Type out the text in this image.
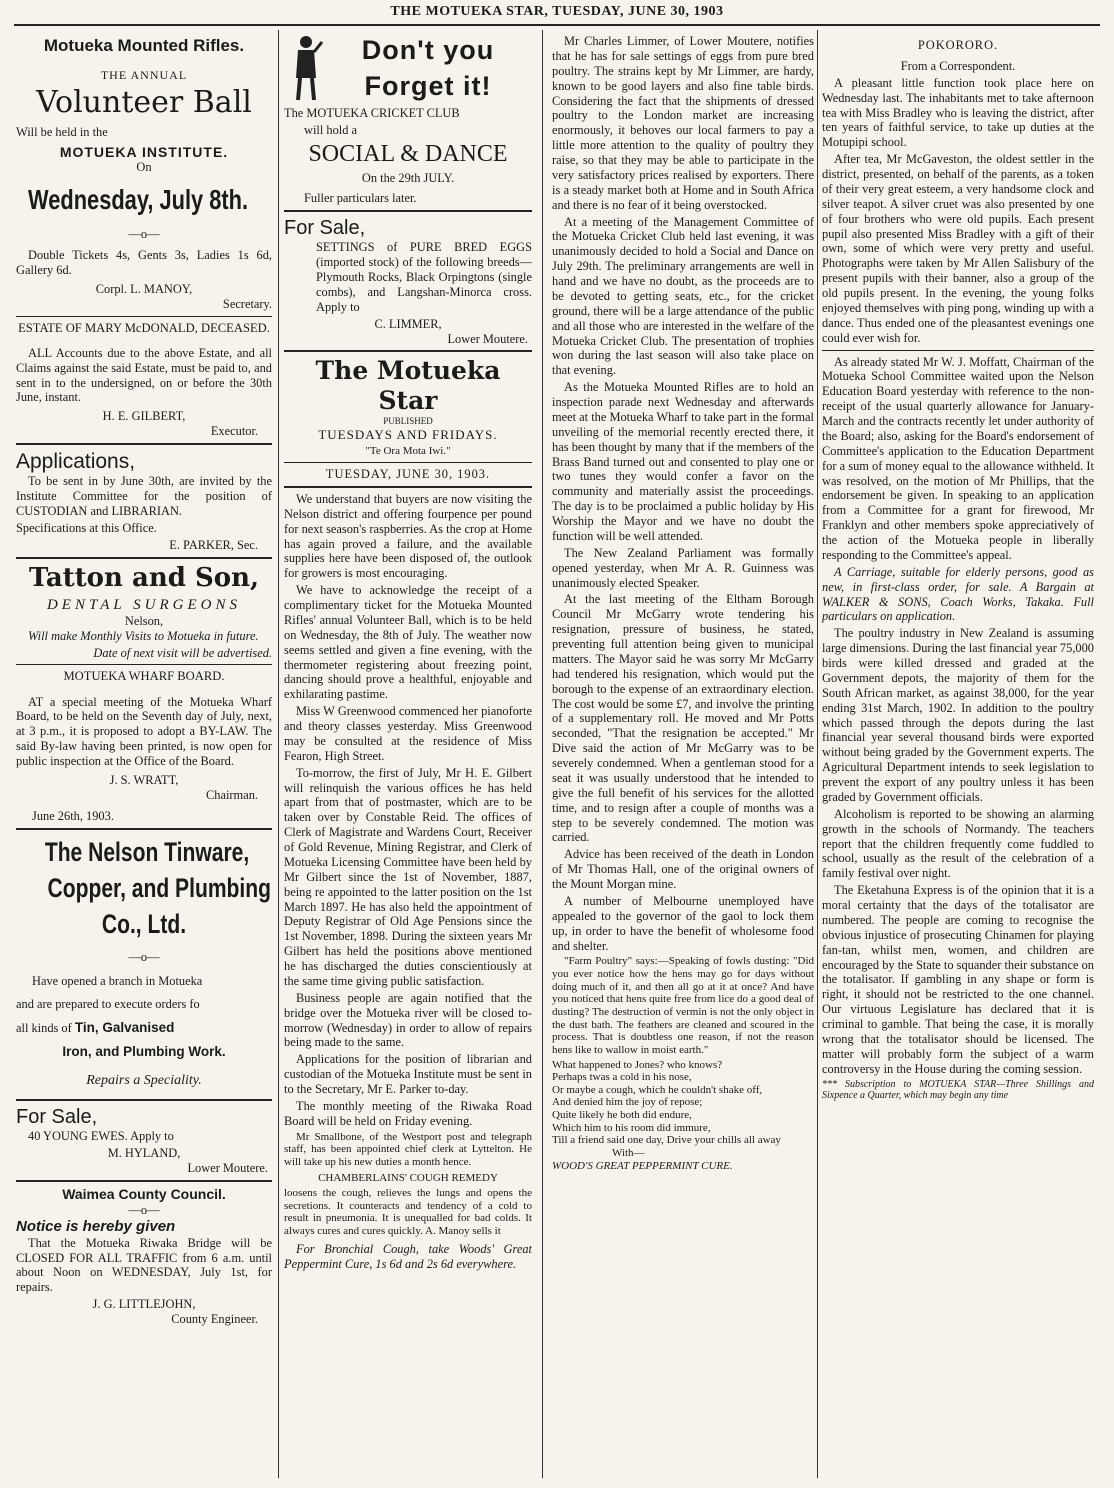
THE MOTUEKA STAR, TUESDAY, JUNE 30, 1903
Motueka Mounted Rifles.
THE ANNUAL
Volunteer Ball

Will be held in the

MOTUEKA INSTITUTE.
On
Wednesday, July 8th.
—o—

Double Tickets 4s, Gents 3s, Ladies 1s 6d, Gallery 6d.

Corpl. L. MANOY,
Secretary.
ESTATE OF MARY McDONALD, DECEASED.

ALL Accounts due to the above Estate, and all Claims against the said Estate, must be paid to, and sent in to the undersigned, on or before the 30th June, instant.

H. E. GILBERT,
Executor.
Applications,

To be sent in by June 30th, are invited by the Institute Committee for the position of CUSTODIAN and LIBRARIAN.

Specifications at this Office.

E. PARKER, Sec.
Tatton and Son,
DENTAL SURGEONS
Nelson,

Will make Monthly Visits to Motueka in future.

Date of next visit will be advertised.

MOTUEKA WHARF BOARD.

AT a special meeting of the Motueka Wharf Board, to be held on the Seventh day of July, next, at 3 p.m., it is proposed to adopt a BY-LAW. The said By-law having been printed, is now open for public inspection at the Office of the Board.

J. S. WRATT,
Chairman.

June 26th, 1903.

The Nelson Tinware,
Copper, and Plumbing
Co., Ltd.
—o—

Have opened a branch in Motueka

and are prepared to execute orders fo

all kinds of Tin, Galvanised

Iron, and Plumbing Work.

Repairs a Speciality.

For Sale,

40 YOUNG EWES. Apply to

M. HYLAND,
Lower Moutere.
Waimea County Council.
—o—
Notice is hereby given

That the Motueka Riwaka Bridge will be CLOSED FOR ALL TRAFFIC from 6 a.m. until about Noon on WEDNESDAY, July 1st, for repairs.

J. G. LITTLEJOHN,
County Engineer.
Don't you
Forget it!

The MOTUEKA CRICKET CLUB

will hold a

SOCIAL & DANCE
On the 29th JULY.

Fuller particulars later.

For Sale,

SETTINGS of PURE BRED EGGS (imported stock) of the following breeds—Plymouth Rocks, Black Orpingtons (single combs), and Langshan-Minorca cross. Apply to

C. LIMMER,
Lower Moutere.
The Motueka Star
PUBLISHED
TUESDAYS AND FRIDAYS.
"Te Ora Mota Iwi."
TUESDAY, JUNE 30, 1903.

We understand that buyers are now visiting the Nelson district and offering fourpence per pound for next season's raspberries. As the crop at Home has again proved a failure, and the available supplies here have been disposed of, the outlook for growers is most encouraging.

We have to acknowledge the receipt of a complimentary ticket for the Motueka Mounted Rifles' annual Volunteer Ball, which is to be held on Wednesday, the 8th of July. The weather now seems settled and given a fine evening, with the thermometer registering about freezing point, dancing should prove a healthful, enjoyable and exhilarating pastime.

Miss W Greenwood commenced her pianoforte and theory classes yesterday. Miss Greenwood may be consulted at the residence of Miss Fearon, High Street.

To-morrow, the first of July, Mr H. E. Gilbert will relinquish the various offices he has held apart from that of postmaster, which are to be taken over by Constable Reid. The offices of Clerk of Magistrate and Wardens Court, Receiver of Gold Revenue, Mining Registrar, and Clerk of Motueka Licensing Committee have been held by Mr Gilbert since the 1st of November, 1887, being re appointed to the latter position on the 1st March 1897. He has also held the appointment of Deputy Registrar of Old Age Pensions since the 1st November, 1898. During the sixteen years Mr Gilbert has held the positions above mentioned he has discharged the duties conscientiously at the same time giving public satisfaction.

Business people are again notified that the bridge over the Motueka river will be closed to-morrow (Wednesday) in order to allow of repairs being made to the same.

Applications for the position of librarian and custodian of the Motueka Institute must be sent in to the Secretary, Mr E. Parker to-day.

The monthly meeting of the Riwaka Road Board will be held on Friday evening.

Mr Smallbone, of the Westport post and telegraph staff, has been appointed chief clerk at Lyttelton. He will take up his new duties a month hence.

CHAMBERLAINS' COUGH REMEDY

loosens the cough, relieves the lungs and opens the secretions. It counteracts and tendency of a cold to result in pneumonia. It is unequalled for bad colds. It always cures and cures quickly. A. Manoy sells it

For Bronchial Cough, take Woods' Great Peppermint Cure, 1s 6d and 2s 6d everywhere.

Mr Charles Limmer, of Lower Moutere, notifies that he has for sale settings of eggs from pure bred poultry. The strains kept by Mr Limmer, are hardy, known to be good layers and also fine table birds. Considering the fact that the shipments of dressed poultry to the London market are increasing enormously, it behoves our local farmers to pay a little more attention to the quality of poultry they raise, so that they may be able to participate in the very satisfactory prices realised by exporters. There is a steady market both at Home and in South Africa and there is no fear of it being overstocked.

At a meeting of the Management Committee of the Motueka Cricket Club held last evening, it was unanimously decided to hold a Social and Dance on July 29th. The preliminary arrangements are well in hand and we have no doubt, as the proceeds are to be devoted to getting seats, etc., for the cricket ground, there will be a large attendance of the public and all those who are interested in the welfare of the Motueka Cricket Club. The presentation of trophies won during the last season will also take place on that evening.

As the Motueka Mounted Rifles are to hold an inspection parade next Wednesday and afterwards meet at the Motueka Wharf to take part in the formal unveiling of the memorial recently erected there, it has been thought by many that if the members of the Brass Band turned out and consented to play one or two tunes they would confer a favor on the community and materially assist the proceedings. The day is to be proclaimed a public holiday by His Worship the Mayor and we have no doubt the function will be well attended.

The New Zealand Parliament was formally opened yesterday, when Mr A. R. Guinness was unanimously elected Speaker.

At the last meeting of the Eltham Borough Council Mr McGarry wrote tendering his resignation, pressure of business, he stated, preventing full attention being given to municipal matters. The Mayor said he was sorry Mr McGarry had tendered his resignation, which would put the borough to the expense of an extraordinary election. The cost would be some £7, and involve the printing of a supplementary roll. He moved and Mr Potts seconded, "That the resignation be accepted." Mr Dive said the action of Mr McGarry was to be severely condemned. When a gentleman stood for a seat it was usually understood that he intended to give the full benefit of his services for the allotted time, and to resign after a couple of months was a step to be severely condemned. The motion was carried.

Advice has been received of the death in London of Mr Thomas Hall, one of the original owners of the Mount Morgan mine.

A number of Melbourne unemployed have appealed to the governor of the gaol to lock them up, in order to have the benefit of wholesome food and shelter.

"Farm Poultry" says:—Speaking of fowls dusting: "Did you ever notice how the hens may go for days without doing much of it, and then all go at it at once? And have you noticed that hens quite free from lice do a good deal of dusting? The destruction of vermin is not the only object in the dust bath. The feathers are cleaned and scoured in the process. That is doubtless one reason, if not the reason hens like to wallow in moist earth."

What happened to Jones? who knows?

Perhaps twas a cold in his nose,

Or maybe a cough, which he couldn't shake off,

And denied him the joy of repose;

Quite likely he both did endure,

Which him to his room did immure,

Till a friend said one day, Drive your chills all away

With—

WOOD'S GREAT PEPPERMINT CURE.

POKORORO.
From a Correspondent.

A pleasant little function took place here on Wednesday last. The inhabitants met to take afternoon tea with Miss Bradley who is leaving the district, after ten years of faithful service, to take up duties at the Motupipi school.

After tea, Mr McGaveston, the oldest settler in the district, presented, on behalf of the parents, as a token of their very great esteem, a very handsome clock and silver teapot. A silver cruet was also presented by one of four brothers who were old pupils. Each present pupil also presented Miss Bradley with a gift of their own, some of which were very pretty and useful. Photographs were taken by Mr Allen Salisbury of the present pupils with their banner, also a group of the old pupils present. In the evening, the young folks enjoyed themselves with ping pong, winding up with a dance. Thus ended one of the pleasantest evenings one could ever wish for.

As already stated Mr W. J. Moffatt, Chairman of the Motueka School Committee waited upon the Nelson Education Board yesterday with reference to the non-receipt of the usual quarterly allowance for January-March and the contracts recently let under authority of the Board; also, asking for the Board's endorsement of Committee's application to the Education Department for a sum of money equal to the allowance withheld. It was resolved, on the motion of Mr Phillips, that the endorsement be given. In speaking to an application from a Committee for a grant for firewood, Mr Franklyn and other members spoke appreciatively of the action of the Motueka people in liberally responding to the Committee's appeal.

A Carriage, suitable for elderly persons, good as new, in first-class order, for sale. A Bargain at WALKER & SONS, Coach Works, Takaka. Full particulars on application.

The poultry industry in New Zealand is assuming large dimensions. During the last financial year 75,000 birds were killed dressed and graded at the Government depots, the majority of them for the South African market, as against 38,000, for the year ending 31st March, 1902. In addition to the poultry which passed through the depots during the last financial year several thousand birds were exported without being graded by the Government experts. The Agricultural Department intends to seek legislation to prevent the export of any poultry unless it has been graded by Government officials.

Alcoholism is reported to be showing an alarming growth in the schools of Normandy. The teachers report that the children frequently come fuddled to school, usually as the result of the celebration of a family festival over night.

The Eketahuna Express is of the opinion that it is a moral certainty that the days of the totalisator are numbered. The people are coming to recognise the obvious injustice of prosecuting Chinamen for playing fan-tan, whilst men, women, and children are encouraged by the State to squander their substance on the totalisator. If gambling in any shape or form is right, it should not be restricted to the one channel. Our virtuous Legislature has declared that it is criminal to gamble. That being the case, it is morally wrong that the totalisator should be licensed. The matter will probably form the subject of a warm controversy in the House during the coming session.

*** Subscription to MOTUEKA STAR—Three Shillings and Sixpence a Quarter, which may begin any time
